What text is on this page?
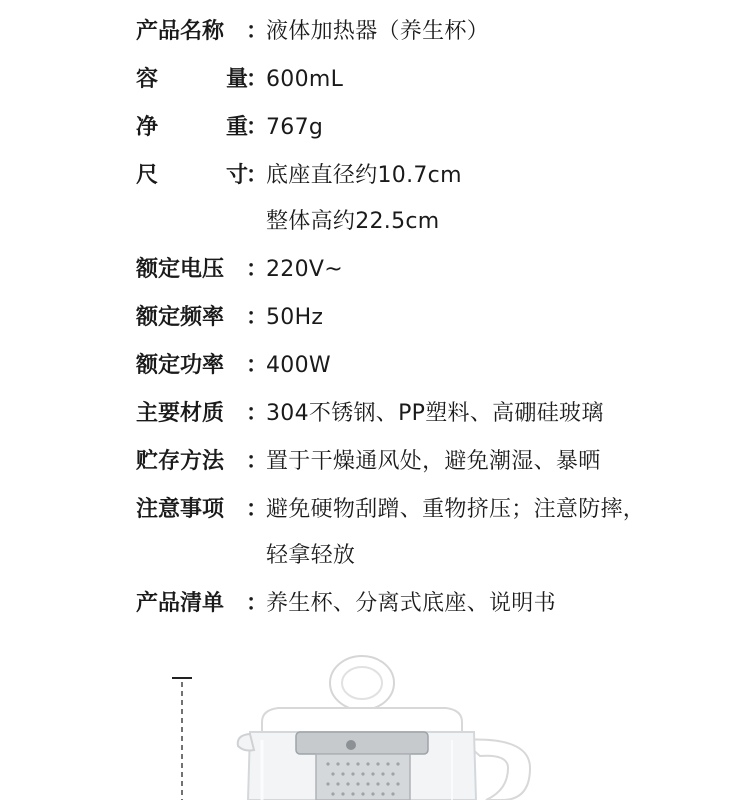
产品名称 ：
液体加热器（养生杯）
容	量
：
600mL
净	重
：
767g
尺	寸
：
底座直径约10.7cm
整体高约22.5cm
额定电压 ：
220V~
额定频率 ：
50Hz
额定功率 ：
400W
主要材质 ：
304不锈钢、PP塑料、高硼硅玻璃
贮存方法 ：
置于干燥通风处，避免潮湿、暴晒
注意事项 ：
避免硬物刮蹭、重物挤压；注意防摔，
轻拿轻放
产品清单 ：
养生杯、分离式底座、说明书
